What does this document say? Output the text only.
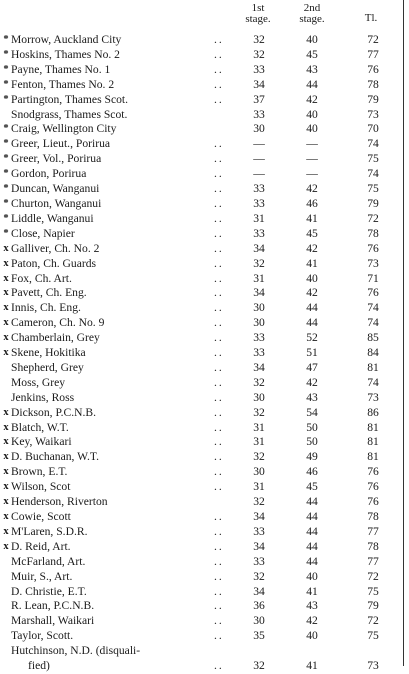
1st
stage.
2nd
stage.	Tl.
* Morrow, Auckland City	..	32	40	72
* Hoskins, Thames No. 2	..	32	45	77
* Payne, Thames No. 1	..	33	43	76
* Fenton, Thames No. 2	..	34	44	78
* Partington, Thames Scot.	..	37	42	79
Snodgrass, Thames Scot.	33	40	73
* Craig, Wellington City	30	40	70
* Greer, Lieut., Porirua	..	—	—	74
* Greer, Vol., Porirua	..	—	—	75
* Gordon, Porirua	..	—	—	74
* Duncan, Wanganui	..	33	42	75
* Churton, Wanganui	..	33	46	79
* Liddle, Wanganui	..	31	41	72
* Close, Napier	..	33	45	78
x Galliver, Ch. No. 2	..	34	42	76
x Paton, Ch. Guards	..	32	41	73
x Fox, Ch. Art.	..	31	40	71
x Pavett, Ch. Eng.	..	34	42	76
x Innis, Ch. Eng.	..	30	44	74
x Cameron, Ch. No. 9	..	30	44	74
x Chamberlain, Grey	..	33	52	85
x Skene, Hokitika	..	33	51	84
Shepherd, Grey	..	34	47	81
Moss, Grey	..	32	42	74
Jenkins, Ross	..	30	43	73
x Dickson, P.C.N.B.	..	32	54	86
x Blatch, W.T.	..	31	50	81
x Key, Waikari	..	31	50	81
x D. Buchanan, W.T.	..	32	49	81
x Brown, E.T.	..	30	46	76
x Wilson, Scot	..	31	45	76
x Henderson, Riverton	32	44	76
x Cowie, Scott	..	34	44	78
x M'Laren, S.D.R.	..	33	44	77
x D. Reid, Art.	..	34	44	78
McFarland, Art.	..	33	44	77
Muir, S., Art.	..	32	40	72
D. Christie, E.T.	..	34	41	75
R. Lean, P.C.N.B.	..	36	43	79
Marshall, Waikari	..	30	42	72
Taylor, Scott.	..	35	40	75
Hutchinson, N.D. (disquali-
fied)	..	32	41	73
